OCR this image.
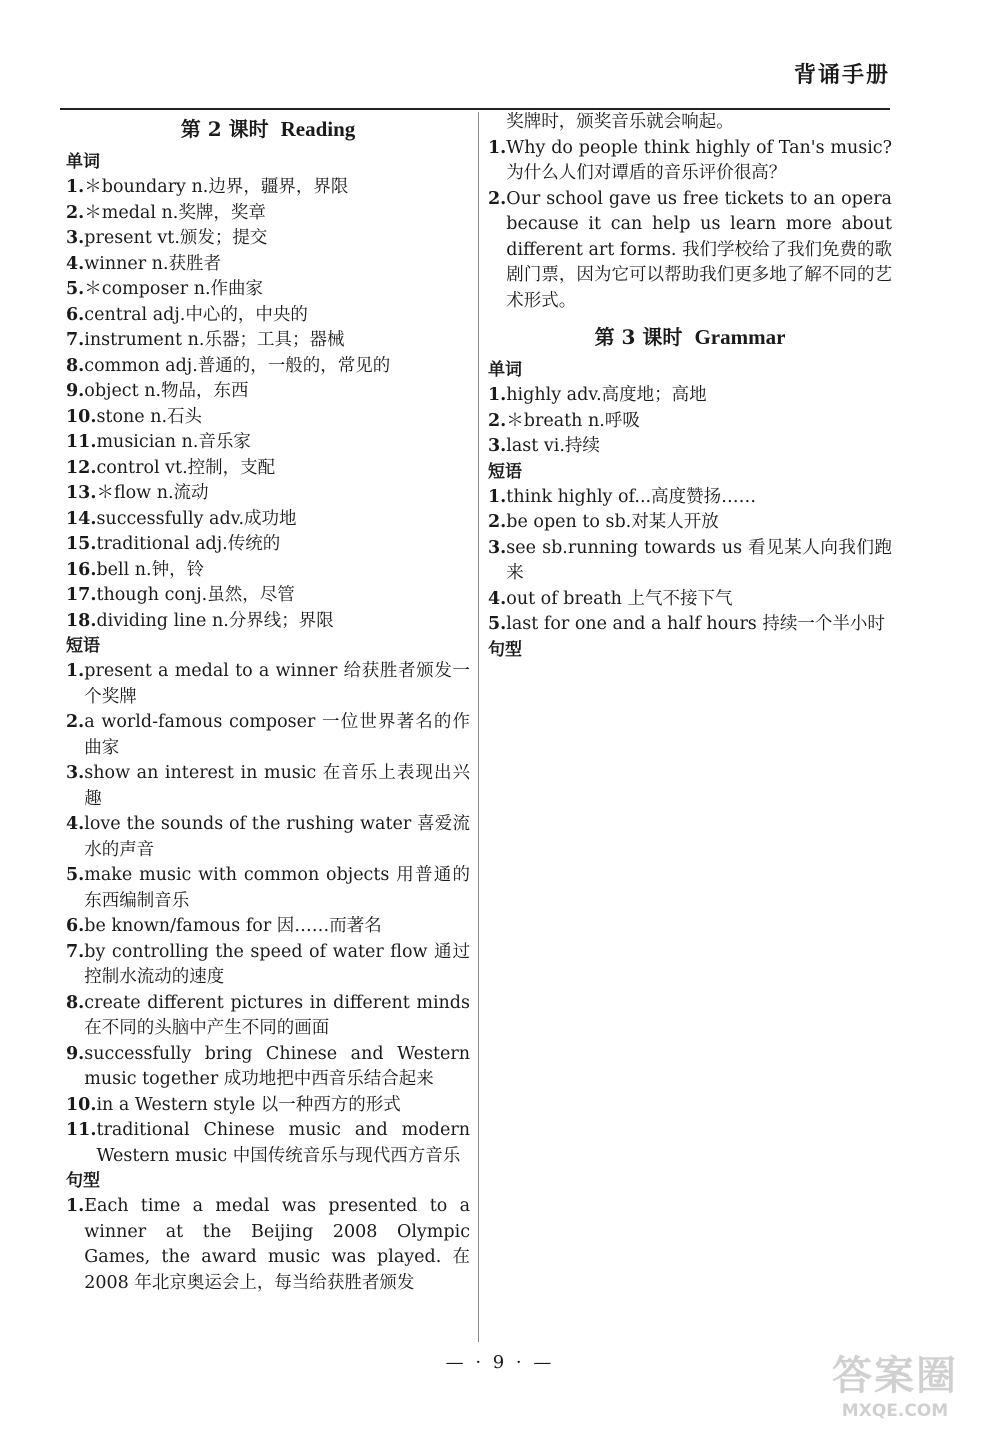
背诵手册
第 2 课时 Reading
单词
1. ＊boundary n.边界，疆界，界限
2. ＊medal n.奖牌，奖章
3. present vt.颁发；提交
4. winner n.获胜者
5. ＊composer n.作曲家
6. central adj.中心的，中央的
7. instrument n.乐器；工具；器械
8. common adj.普通的，一般的，常见的
9. object n.物品，东西
10. stone n.石头
11. musician n.音乐家
12. control vt.控制，支配
13. ＊flow n.流动
14. successfully adv.成功地
15. traditional adj.传统的
16. bell n.钟，铃
17. though conj.虽然，尽管
18. dividing line n.分界线；界限
短语
1. present a medal to a winner 给获胜者颁发一个奖牌
2. a world-famous composer 一位世界著名的作曲家
3. show an interest in music 在音乐上表现出兴趣
4. love the sounds of the rushing water 喜爱流水的声音
5. make music with common objects 用普通的东西编制音乐
6. be known/famous for 因……而著名
7. by controlling the speed of water flow 通过控制水流动的速度
8. create different pictures in different minds 在不同的头脑中产生不同的画面
9. successfully bring Chinese and Western music together 成功地把中西音乐结合起来
10. in a Western style 以一种西方的形式
11. traditional Chinese music and modern Western music 中国传统音乐与现代西方音乐
句型
1. Each time a medal was presented to a winner at the Beijing 2008 Olympic Games, the award music was played. 在 2008 年北京奥运会上，每当给获胜者颁发
奖牌时，颁奖音乐就会响起。
1. Why do people think highly of Tan's music? 为什么人们对谭盾的音乐评价很高？
2. Our school gave us free tickets to an opera because it can help us learn more about different art forms. 我们学校给了我们免费的歌剧门票，因为它可以帮助我们更多地了解不同的艺术形式。
第 3 课时 Grammar
单词
1. highly adv.高度地；高地
2. ＊breath n.呼吸
3. last vi.持续
短语
1. think highly of...高度赞扬……
2. be open to sb.对某人开放
3. see sb.running towards us 看见某人向我们跑来
4. out of breath 上气不接下气
5. last for one and a half hours 持续一个半小时
句型
— · 9 · —	答案圈
MXQE.COM
